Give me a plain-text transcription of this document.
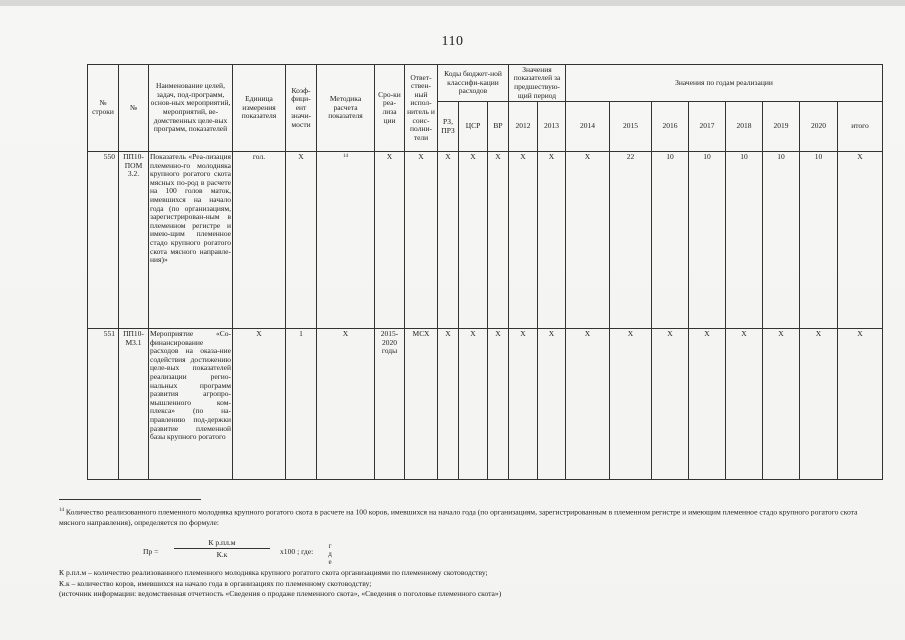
110
№ строки	№	Наименование целей, задач, под-программ, основ-ных мероприятий, мероприятий, ве-домственных целе-вых программ, показателей	Единица измерения показателя	Коэф-фици-ент значи-мости	Методика расчета показателя	Сро-ки реа-лиза ции	Ответ-ствен-ный испол-нитель и соис-полни-тели	Коды бюджет-ной классифи-кации расходов			Значения показателей за предшествую-щий период		Значения по годам реализации							
								РЗ, ПРЗ	ЦСР	ВР	2012	2013	2014	2015	2016	2017	2018	2019	2020	итого
550	ПП10-ПОМ 3.2.	Показатель «Реа-лизация племенно-го молодняка крупного рогатого скота мясных по-род в расчете на 100 голов маток, имевшихся на начало года (по организациям, зарегистрирован-ным в племенном регистре и имею-щим племенное стадо крупного рогатого скота мясного направле-ния)»	гол.	Х	14	Х	Х	Х	Х	Х	Х	Х	Х	22	10	10	10	10	10	Х
551	ПП10-М3.1	Мероприятие «Со-финансирование расходов на оказа-ние содействия достижению целе-вых показателей реализации регио-нальных программ развития агропро-мышленного ком-плекса» (по на-правлению под-держки развитие племенной базы крупного рогатого	Х	1	Х	2015-2020 годы	МСХ	Х	Х	Х	Х	Х	Х	Х	Х	Х	Х	Х	Х	Х
$^{14}$ Количество реализованного племенного молодняка крупного рогатого скота в расчете на 100 коров, имевшихся на начало года (по организациям, зарегистрированным в племенном регистре и имеющим племенное стадо крупного рогатого скота мясного направления), определяется по формуле:
Пр =
К р.пл.м
К.к	х100 ; где:
г д е
К р.пл.м – количество реализованного племенного молодняка крупного рогатого скота организациями по племенному скотоводству;
К.к – количество коров, имевшихся на начало года в организациях по племенному скотоводству;
(источник информации: ведомственная отчетность «Сведения о продаже племенного скота», «Сведения о поголовье племенного скота»)
